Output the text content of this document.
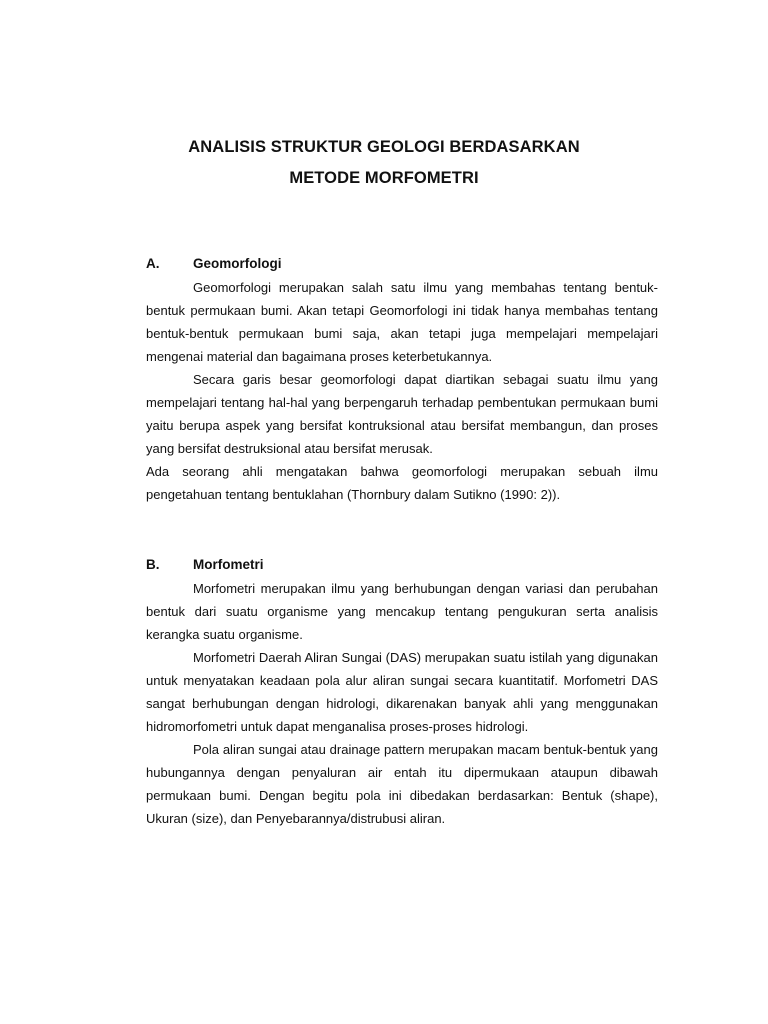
ANALISIS STRUKTUR GEOLOGI BERDASARKAN
METODE MORFOMETRI
A. Geomorfologi

Geomorfologi merupakan salah satu ilmu yang membahas tentang bentuk-bentuk permukaan bumi. Akan tetapi Geomorfologi ini tidak hanya membahas tentang bentuk-bentuk permukaan bumi saja, akan tetapi juga mempelajari mempelajari mengenai material dan bagaimana proses keterbetukannya.

Secara garis besar geomorfologi dapat diartikan sebagai suatu ilmu yang mempelajari tentang hal-hal yang berpengaruh terhadap pembentukan permukaan bumi yaitu berupa aspek yang bersifat kontruksional atau bersifat membangun, dan proses yang bersifat destruksional atau bersifat merusak.

Ada seorang ahli mengatakan bahwa geomorfologi merupakan sebuah ilmu pengetahuan tentang bentuklahan (Thornbury dalam Sutikno (1990: 2)).

B. Morfometri

Morfometri merupakan ilmu yang berhubungan dengan variasi dan perubahan bentuk dari suatu organisme yang mencakup tentang pengukuran serta analisis kerangka suatu organisme.

Morfometri Daerah Aliran Sungai (DAS) merupakan suatu istilah yang digunakan untuk menyatakan keadaan pola alur aliran sungai secara kuantitatif. Morfometri DAS sangat berhubungan dengan hidrologi, dikarenakan banyak ahli yang menggunakan hidromorfometri untuk dapat menganalisa proses-proses hidrologi.

Pola aliran sungai atau drainage pattern merupakan macam bentuk-bentuk yang hubungannya dengan penyaluran air entah itu dipermukaan ataupun dibawah permukaan bumi. Dengan begitu pola ini dibedakan berdasarkan: Bentuk (shape), Ukuran (size), dan Penyebarannya/distrubusi aliran.
